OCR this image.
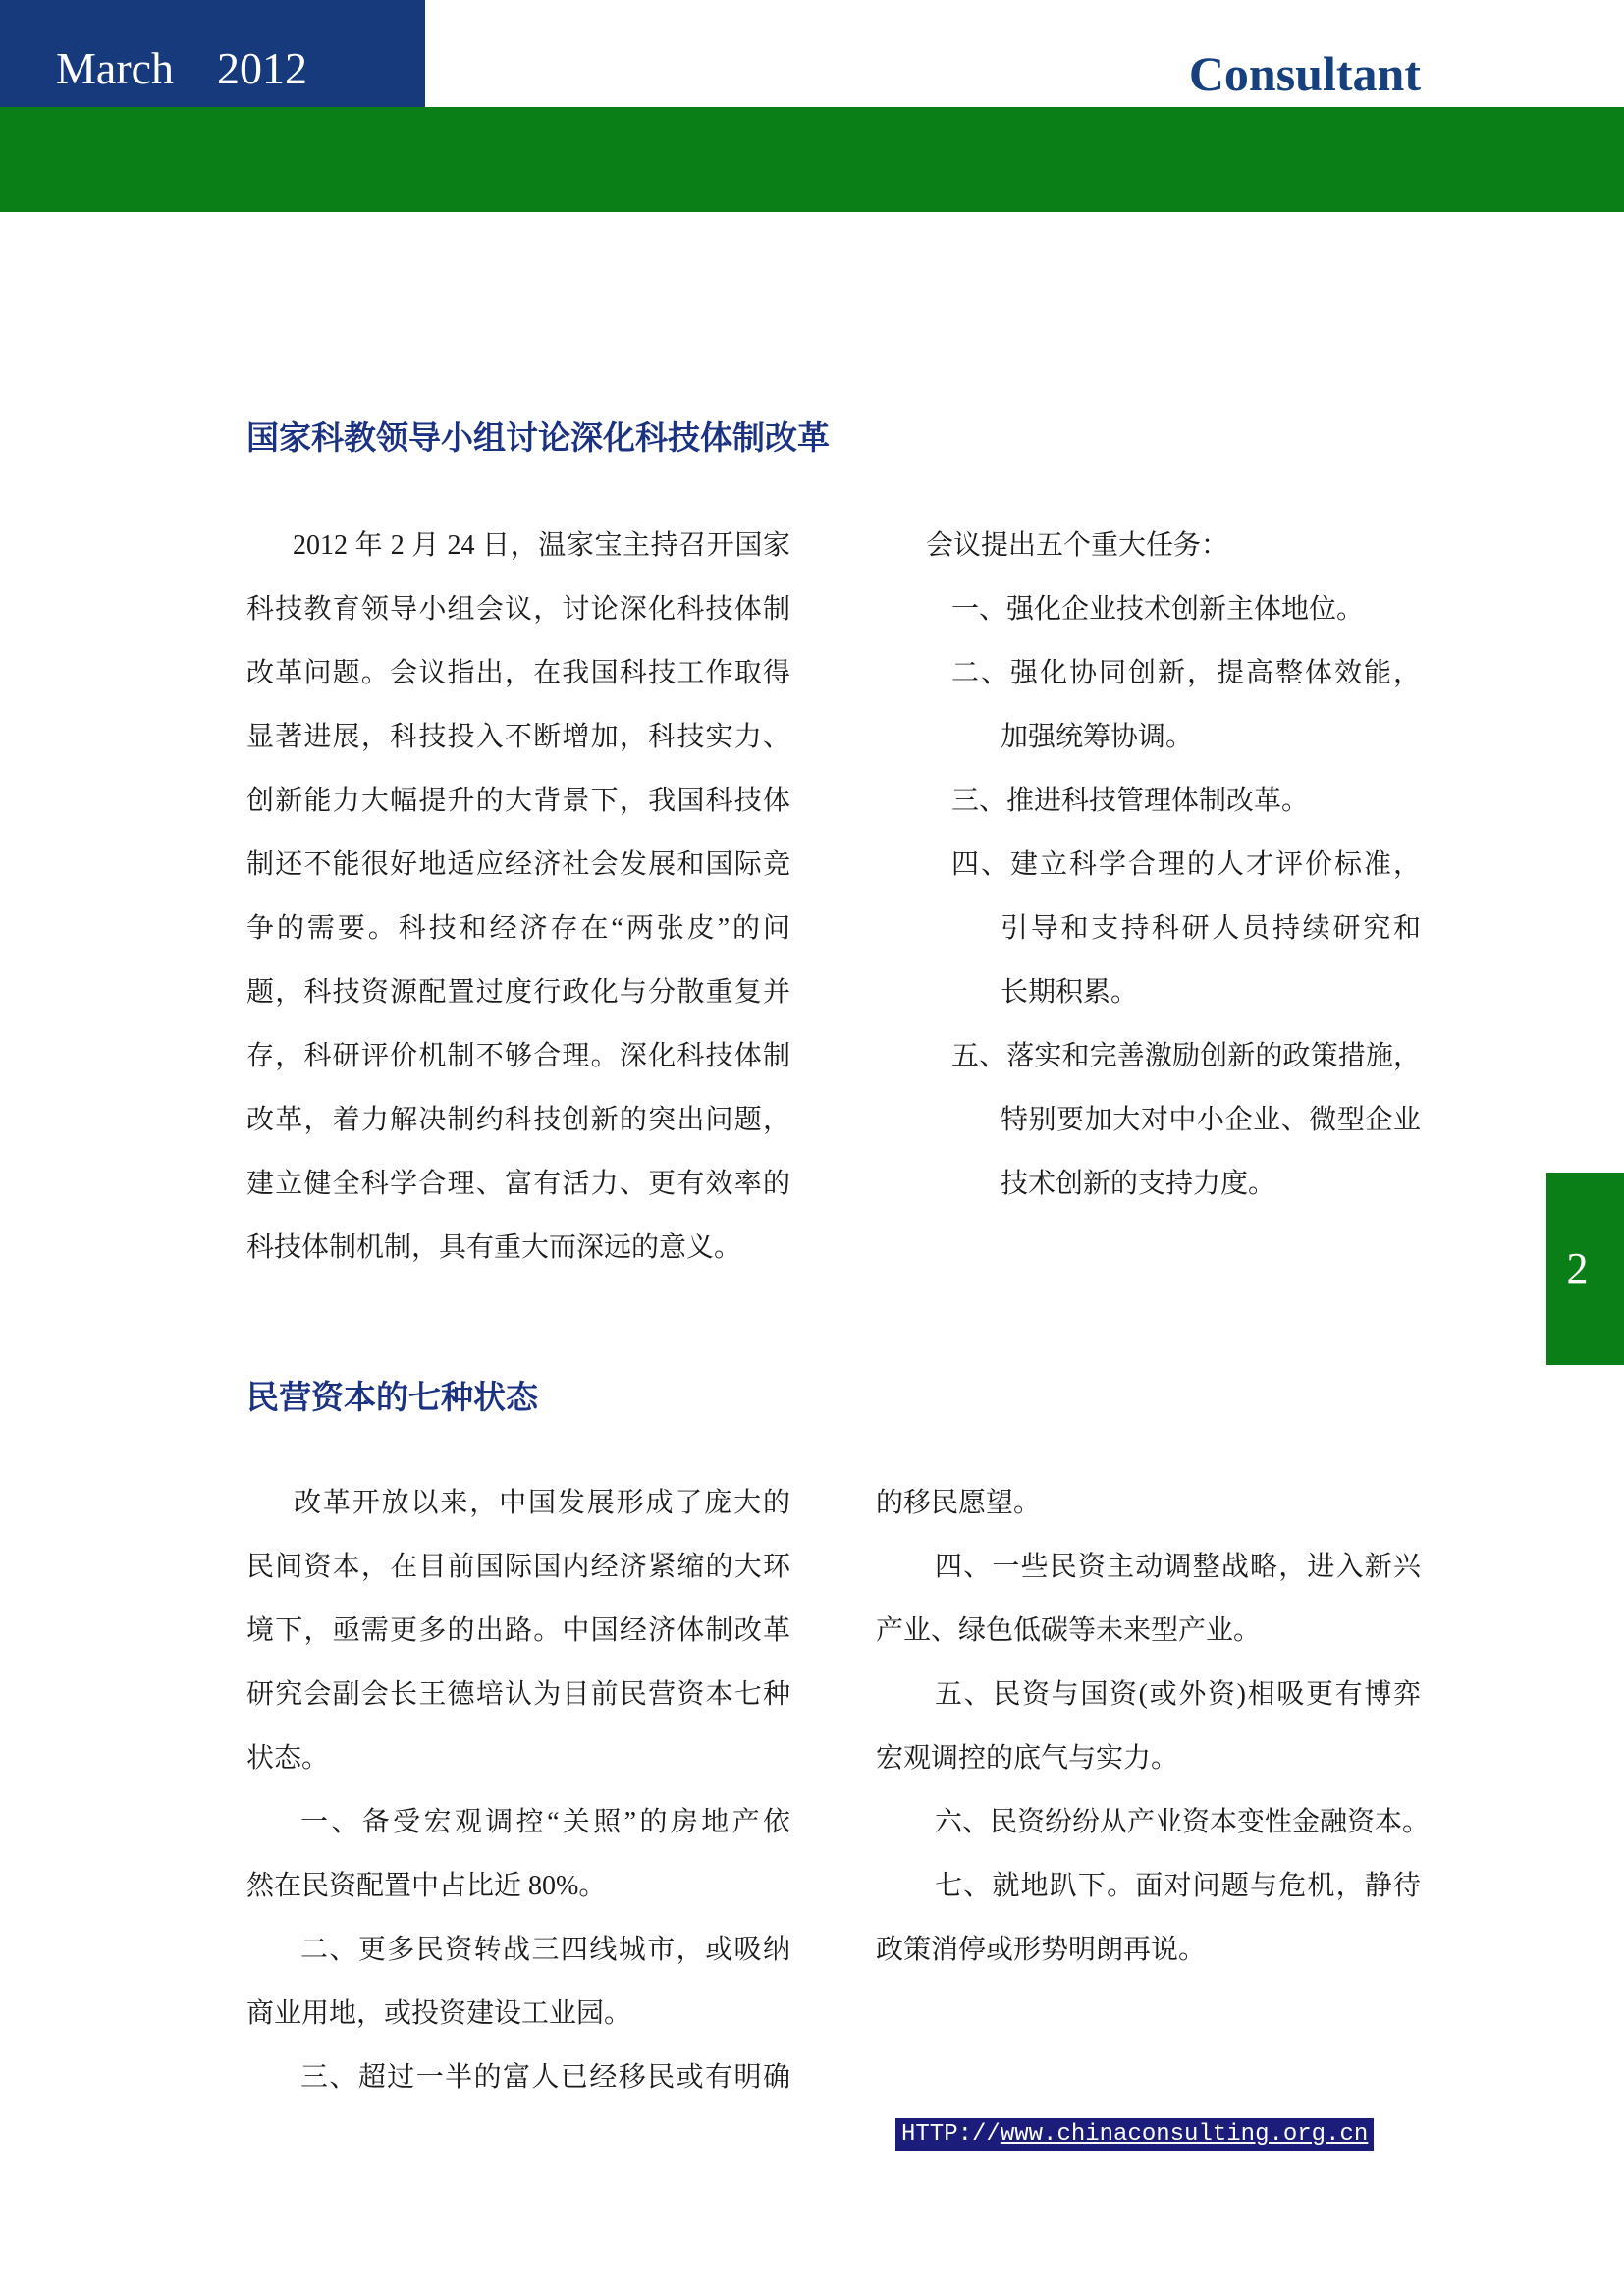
March 2012	Consultant
2
国家科教领导小组讨论深化科技体制改革
2012 年 2 月 24 日，温家宝主持召开国家
科技教育领导小组会议，讨论深化科技体制
改革问题。会议指出，在我国科技工作取得
显著进展，科技投入不断增加，科技实力、
创新能力大幅提升的大背景下，我国科技体
制还不能很好地适应经济社会发展和国际竞
争的需要。科技和经济存在“两张皮”的问
题，科技资源配置过度行政化与分散重复并
存，科研评价机制不够合理。深化科技体制
改革，着力解决制约科技创新的突出问题，
建立健全科学合理、富有活力、更有效率的
科技体制机制，具有重大而深远的意义。
会议提出五个重大任务：
一、强化企业技术创新主体地位。
二、强化协同创新，提高整体效能，
加强统筹协调。
三、推进科技管理体制改革。
四、建立科学合理的人才评价标准，
引导和支持科研人员持续研究和
长期积累。
五、落实和完善激励创新的政策措施，
特别要加大对中小企业、微型企业
技术创新的支持力度。
民营资本的七种状态
改革开放以来，中国发展形成了庞大的
民间资本，在目前国际国内经济紧缩的大环
境下，亟需更多的出路。中国经济体制改革
研究会副会长王德培认为目前民营资本七种
状态。
一、备受宏观调控“关照”的房地产依
然在民资配置中占比近 80%。
二、更多民资转战三四线城市，或吸纳
商业用地，或投资建设工业园。
三、超过一半的富人已经移民或有明确
的移民愿望。
四、一些民资主动调整战略，进入新兴
产业、绿色低碳等未来型产业。
五、民资与国资(或外资)相吸更有博弈
宏观调控的底气与实力。
六、民资纷纷从产业资本变性金融资本。
七、就地趴下。面对问题与危机，静待
政策消停或形势明朗再说。
HTTP://www.chinaconsulting.org.cn
